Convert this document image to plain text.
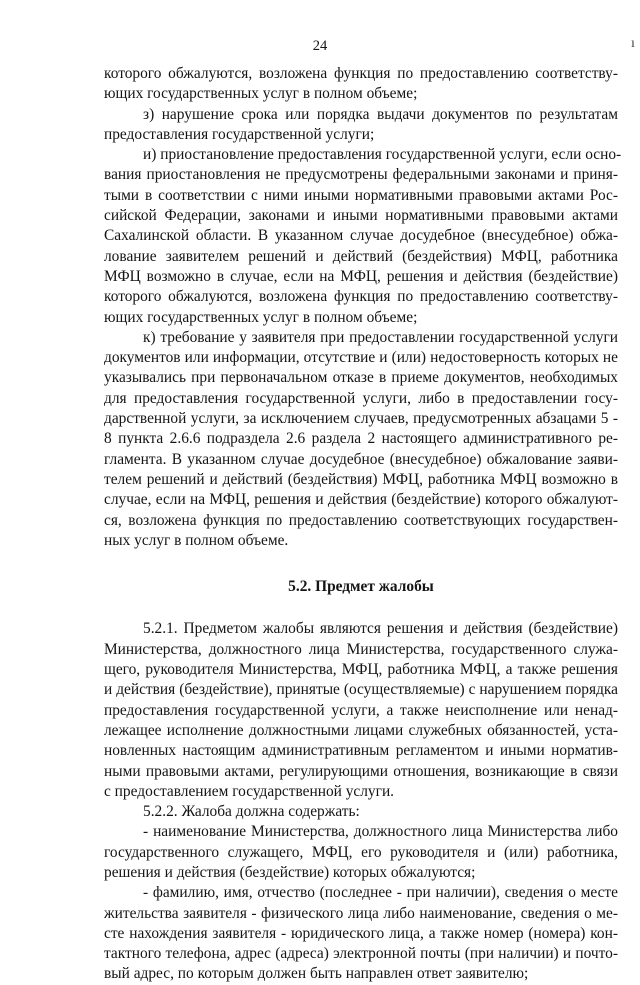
24	ı
которого обжалуются, возложена функция по предоставлению соответству-
ющих государственных услуг в полном объеме;
з) нарушение срока или порядка выдачи документов по результатам
предоставления государственной услуги;
и) приостановление предоставления государственной услуги, если осно-
вания приостановления не предусмотрены федеральными законами и приня-
тыми в соответствии с ними иными нормативными правовыми актами Рос-
сийской Федерации, законами и иными нормативными правовыми актами
Сахалинской области. В указанном случае досудебное (внесудебное) обжа-
лование заявителем решений и действий (бездействия) МФЦ, работника
МФЦ возможно в случае, если на МФЦ, решения и действия (бездействие)
которого обжалуются, возложена функция по предоставлению соответству-
ющих государственных услуг в полном объеме;
к) требование у заявителя при предоставлении государственной услуги
документов или информации, отсутствие и (или) недостоверность которых не
указывались при первоначальном отказе в приеме документов, необходимых
для предоставления государственной услуги, либо в предоставлении госу-
дарственной услуги, за исключением случаев, предусмотренных абзацами 5 -
8 пункта 2.6.6 подраздела 2.6 раздела 2 настоящего административного ре-
гламента. В указанном случае досудебное (внесудебное) обжалование заяви-
телем решений и действий (бездействия) МФЦ, работника МФЦ возможно в
случае, если на МФЦ, решения и действия (бездействие) которого обжалуют-
ся, возложена функция по предоставлению соответствующих государствен-
ных услуг в полном объеме.
5.2. Предмет жалобы
5.2.1. Предметом жалобы являются решения и действия (бездействие)
Министерства, должностного лица Министерства, государственного служа-
щего, руководителя Министерства, МФЦ, работника МФЦ, а также решения
и действия (бездействие), принятые (осуществляемые) с нарушением порядка
предоставления государственной услуги, а также неисполнение или ненад-
лежащее исполнение должностными лицами служебных обязанностей, уста-
новленных настоящим административным регламентом и иными норматив-
ными правовыми актами, регулирующими отношения, возникающие в связи
с предоставлением государственной услуги.
5.2.2. Жалоба должна содержать:
- наименование Министерства, должностного лица Министерства либо
государственного служащего, МФЦ, его руководителя и (или) работника,
решения и действия (бездействие) которых обжалуются;
- фамилию, имя, отчество (последнее - при наличии), сведения о месте
жительства заявителя - физического лица либо наименование, сведения о ме-
сте нахождения заявителя - юридического лица, а также номер (номера) кон-
тактного телефона, адрес (адреса) электронной почты (при наличии) и почто-
вый адрес, по которым должен быть направлен ответ заявителю;
